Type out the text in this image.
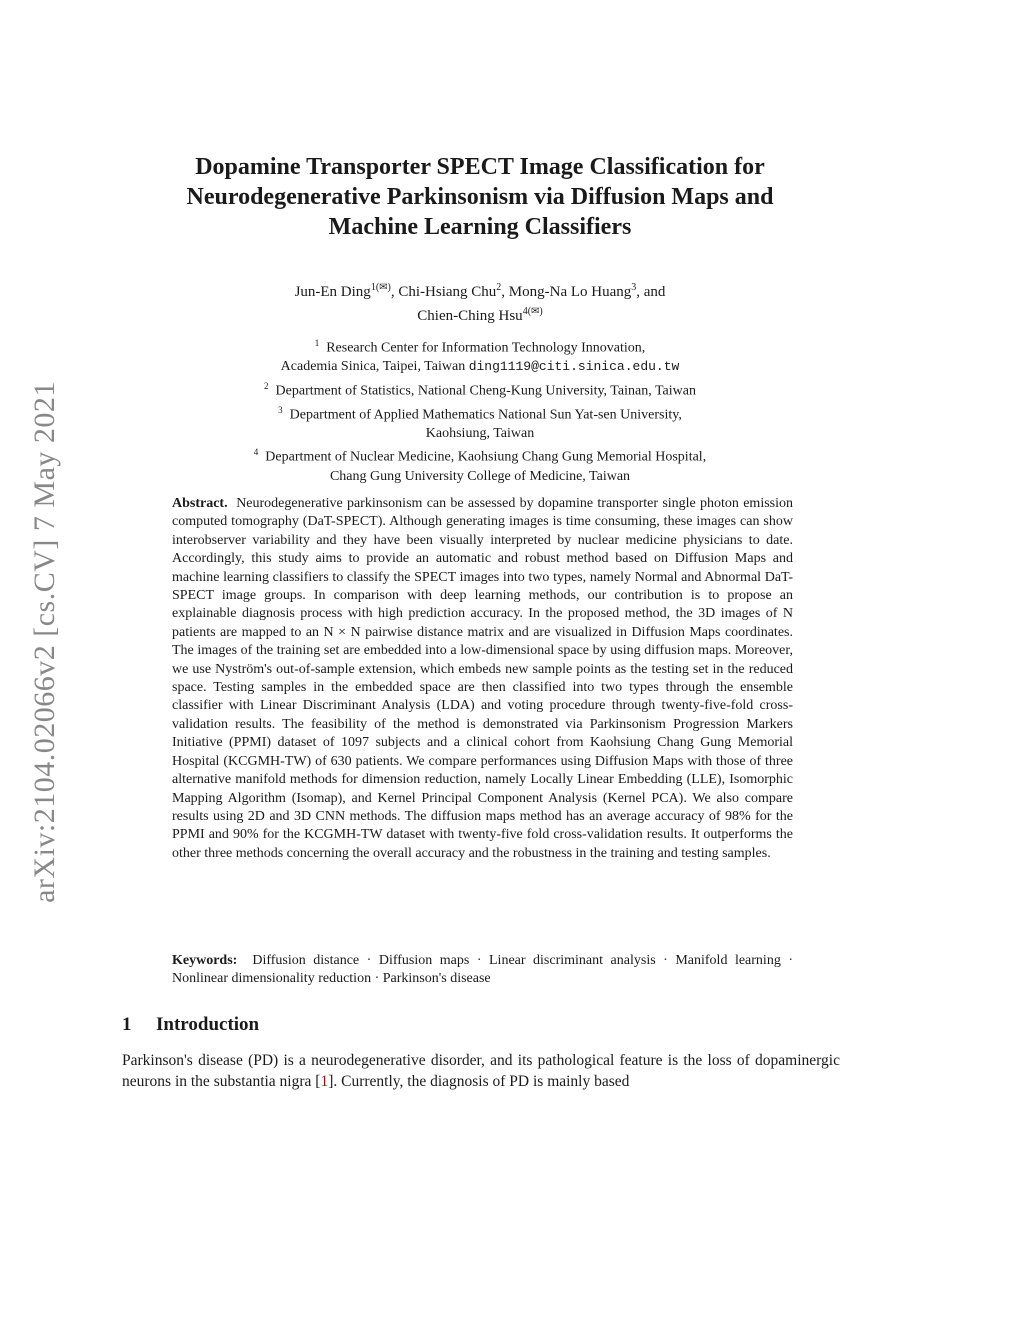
arXiv:2104.02066v2 [cs.CV] 7 May 2021
Dopamine Transporter SPECT Image Classification for Neurodegenerative Parkinsonism via Diffusion Maps and Machine Learning Classifiers
Jun-En Ding$^{1(✉)}$, Chi-Hsiang Chu$^2$, Mong-Na Lo Huang$^3$, and
Chien-Ching Hsu$^{4(✉)}$
$^1$ Research Center for Information Technology Innovation,
Academia Sinica, Taipei, Taiwan ding1119@citi.sinica.edu.tw
$^2$ Department of Statistics, National Cheng-Kung University, Tainan, Taiwan
$^3$ Department of Applied Mathematics National Sun Yat-sen University,
Kaohsiung, Taiwan
$^4$ Department of Nuclear Medicine, Kaohsiung Chang Gung Memorial Hospital,
Chang Gung University College of Medicine, Taiwan

Abstract. Neurodegenerative parkinsonism can be assessed by dopamine transporter single photon emission computed tomography (DaT-SPECT). Although generating images is time consuming, these images can show interobserver variability and they have been visually interpreted by nuclear medicine physicians to date. Accordingly, this study aims to provide an automatic and robust method based on Diffusion Maps and machine learning classifiers to classify the SPECT images into two types, namely Normal and Abnormal DaT-SPECT image groups. In comparison with deep learning methods, our contribution is to propose an explainable diagnosis process with high prediction accuracy. In the proposed method, the 3D images of N patients are mapped to an N × N pairwise distance matrix and are visualized in Diffusion Maps coordinates. The images of the training set are embedded into a low-dimensional space by using diffusion maps. Moreover, we use Nyström's out-of-sample extension, which embeds new sample points as the testing set in the reduced space. Testing samples in the embedded space are then classified into two types through the ensemble classifier with Linear Discriminant Analysis (LDA) and voting procedure through twenty-five-fold cross-validation results. The feasibility of the method is demonstrated via Parkinsonism Progression Markers Initiative (PPMI) dataset of 1097 subjects and a clinical cohort from Kaohsiung Chang Gung Memorial Hospital (KCGMH-TW) of 630 patients. We compare performances using Diffusion Maps with those of three alternative manifold methods for dimension reduction, namely Locally Linear Embedding (LLE), Isomorphic Mapping Algorithm (Isomap), and Kernel Principal Component Analysis (Kernel PCA). We also compare results using 2D and 3D CNN methods. The diffusion maps method has an average accuracy of 98% for the PPMI and 90% for the KCGMH-TW dataset with twenty-five fold cross-validation results. It outperforms the other three methods concerning the overall accuracy and the robustness in the training and testing samples.

Keywords: Diffusion distance · Diffusion maps · Linear discriminant analysis · Manifold learning · Nonlinear dimensionality reduction · Parkinson's disease

1 Introduction

Parkinson's disease (PD) is a neurodegenerative disorder, and its pathological feature is the loss of dopaminergic neurons in the substantia nigra [1]. Currently, the diagnosis of PD is mainly based
